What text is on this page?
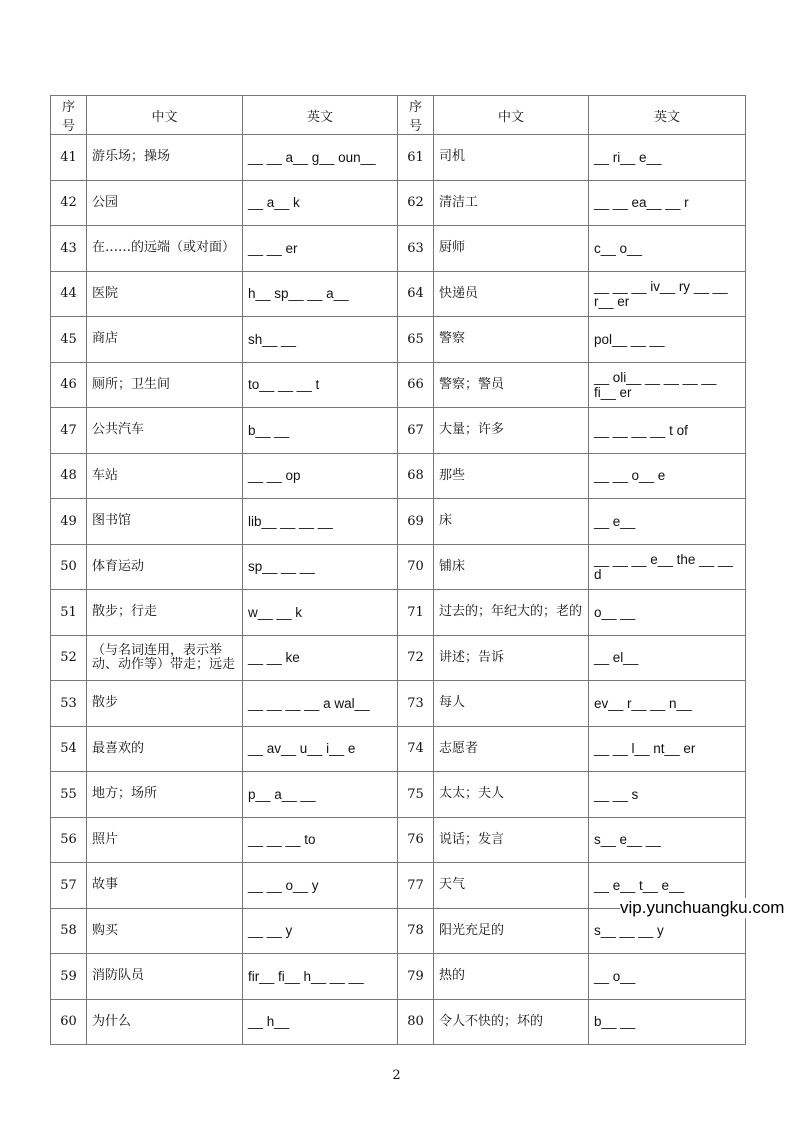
序号	中文	英文	序号	中文	英文
41	游乐场；操场	__ __ a__ g__ oun__	61	司机	__ ri__ e__
42	公园	__ a__ k	62	清洁工	__ __ ea__ __ r
43	在……的远端（或对面）	__ __ er	63	厨师	c__ o__
44	医院	h__ sp__ __ a__	64	快递员	__ __ __ iv__ ry __ __ r__ er
45	商店	sh__ __	65	警察	pol__ __ __
46	厕所；卫生间	to__ __ __ t	66	警察；警员	__ oli__ __ __ __ __ fi__ er
47	公共汽车	b__ __	67	大量；许多	__ __ __ __ t of
48	车站	__ __ op	68	那些	__ __ o__ e
49	图书馆	lib__ __ __ __	69	床	__ e__
50	体育运动	sp__ __ __	70	铺床	__ __ __ e__ the __ __ d
51	散步；行走	w__ __ k	71	过去的；年纪大的；老的	o__ __
52	（与名词连用，表示举动、动作等）带走；远走	__ __ ke	72	讲述；告诉	__ el__
53	散步	__ __ __ __ a wal__	73	每人	ev__ r__ __ n__
54	最喜欢的	__ av__ u__ i__ e	74	志愿者	__ __ l__ nt__ er
55	地方；场所	p__ a__ __	75	太太；夫人	__ __ s
56	照片	__ __ __ to	76	说话；发言	s__ e__ __
57	故事	__ __ o__ y	77	天气	__ e__ t__ e__
58	购买	__ __ y	78	阳光充足的	s__ __ __ y
59	消防队员	fir__ fi__ h__ __ __	79	热的	__ o__
60	为什么	__ h__	80	令人不快的；坏的	b__ __
2
vip.yunchuangku.com
